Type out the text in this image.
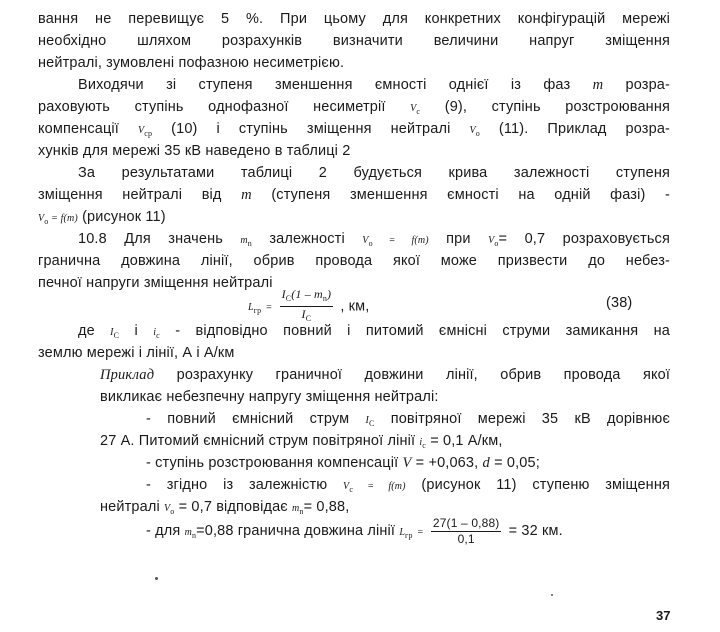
вання не перевищує 5 %. При цьому для конкретних конфігурацій мережі
необхідно шляхом розрахунків визначити величини напруг зміщення
нейтралі, зумовлені пофазною несиметрією.
Виходячи зі ступеня зменшення ємності однієї із фаз m розра-
раховують ступінь однофазної несиметрії $V_c$ (9), ступінь розстроювання
компенсації $V_{cp}$ (10) і ступінь зміщення нейтралі $V_o$ (11). Приклад розра-
хунків для мережі 35 кВ наведено в таблиці 2
За результатами таблиці 2 будується крива залежності ступеня
зміщення нейтралі від m (ступеня зменшення ємності на одній фазі) -
$V_o = f(m)$ (рисунок 11)
10.8 Для значень $m_n$ залежності $V_o = f(m)$ при $V_o= 0,7$ розраховується
гранична довжина лінії, обрив провода якої може призвести до небез-
печної напруги зміщення нейтралі
$L_{гр} = \frac{I_C(1 - m_n)}{I_C}$ , км,	(38)
де $I_C$ і $i_c$ - відповідно повний і питомий ємнісні струми замикання на
землю мережі і лінії, А і А/км
Приклад розрахунку граничної довжини лінії, обрив провода якої
викликає небезпечну напругу зміщення нейтралі:
- повний ємнісний струм $I_C$ повітряної мережі 35 кВ дорівнює
27 А. Питомий ємнісний струм повітряної лінії $i_c = 0,1$ А/км,
- ступінь розстроювання компенсації V = +0,063, d = 0,05;
- згідно із залежністю $V_c = f(m)$ (рисунок 11) ступеню зміщення
нейтралі $V_o = 0,7$ відповідає $m_n= 0,88$,
- для $m_n=0,88$ гранична довжина лінії $L_{гр} = \frac{27(1 - 0,88)}{0,1} = 32$ км.
37
